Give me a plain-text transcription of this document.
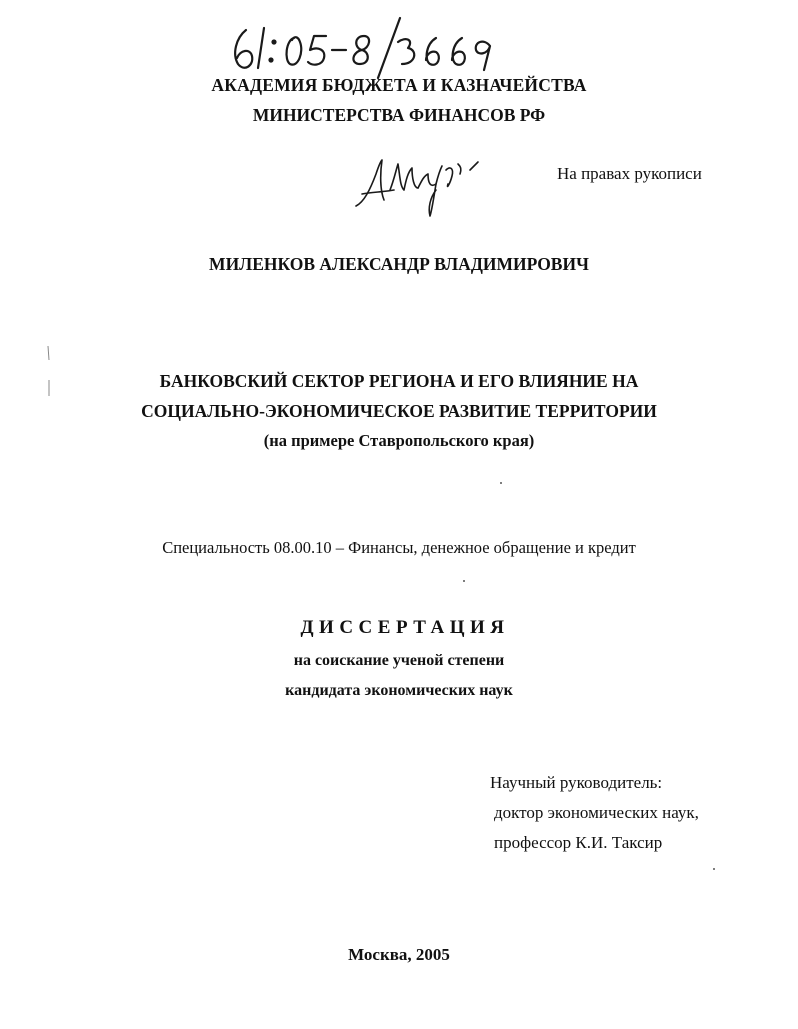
АКАДЕМИЯ БЮДЖЕТА И КАЗНАЧЕЙСТВА
МИНИСТЕРСТВА ФИНАНСОВ РФ
На правах рукописи
МИЛЕНКОВ АЛЕКСАНДР ВЛАДИМИРОВИЧ
БАНКОВСКИЙ СЕКТОР РЕГИОНА И ЕГО ВЛИЯНИЕ НА
СОЦИАЛЬНО-ЭКОНОМИЧЕСКОЕ РАЗВИТИЕ ТЕРРИТОРИИ
(на примере Ставропольского края)
Специальность 08.00.10 – Финансы, денежное обращение и кредит
ДИССЕРТАЦИЯ
на соискание ученой степени
кандидата экономических наук
Научный руководитель:
доктор экономических наук,
профессор К.И. Таксир
Москва, 2005
